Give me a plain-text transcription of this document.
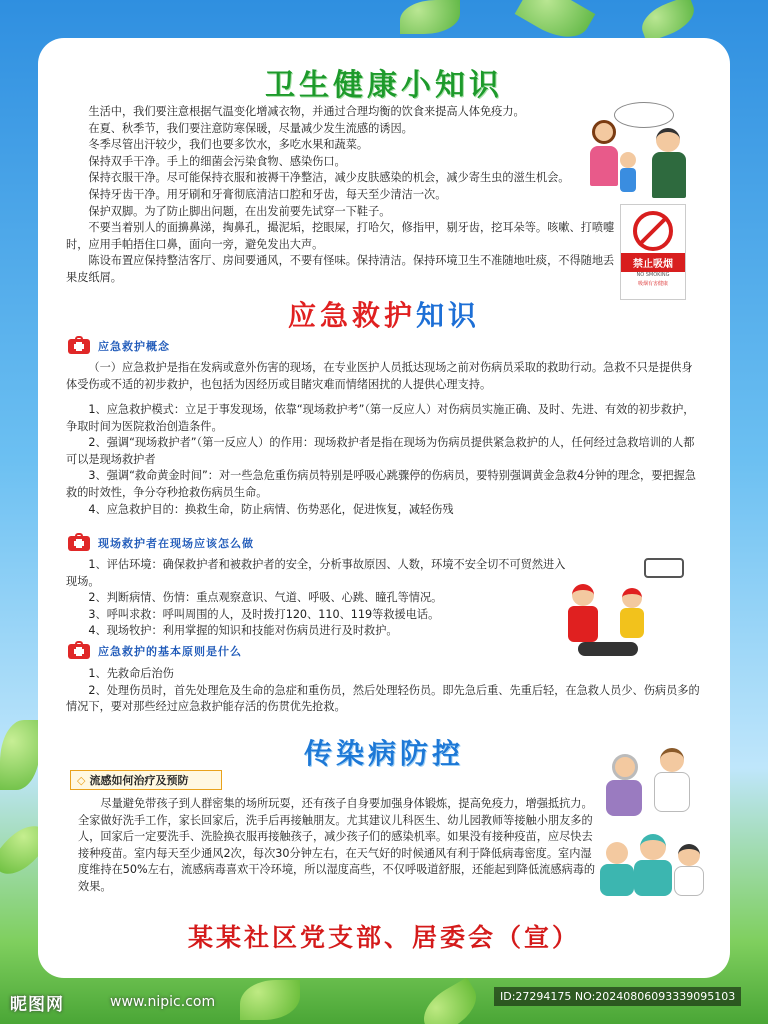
卫生健康小知识

生活中，我们要注意根据气温变化增减衣物，并通过合理均衡的饮食来提高人体免疫力。

在夏、秋季节，我们要注意防寒保暖，尽量减少发生流感的诱因。

冬季尽管出汗较少，我们也要多饮水，多吃水果和蔬菜。

保持双手干净。手上的细菌会污染食物、感染伤口。

保持衣服干净。尽可能保持衣服和被褥干净整洁，减少皮肤感染的机会，减少寄生虫的滋生机会。

保持牙齿干净。用牙刷和牙膏彻底清洁口腔和牙齿，每天至少清洁一次。

保护双脚。为了防止脚出问题，在出发前要先试穿一下鞋子。

不要当着别人的面擤鼻涕，掏鼻孔，撮泥垢，挖眼屎，打哈欠，修指甲，剔牙齿，挖耳朵等。咳嗽、打喷嚏时，应用手帕捂住口鼻，面向一旁，避免发出大声。

陈设布置应保持整洁客厅、房间要通风，不要有怪味。保持清洁。保持环境卫生不准随地吐痰，不得随地丢果皮纸屑。

禁止吸烟
NO SMOKING
吸烟有害健康
应急救护知识
应急救护概念

（一）应急救护是指在发病或意外伤害的现场，在专业医护人员抵达现场之前对伤病员采取的救助行动。急救不只是提供身体受伤或不适的初步救护，也包括为因经历或目睹灾难而情绪困扰的人提供心理支持。

1、应急救护模式：立足于事发现场，依靠“现场救护考”（第一反应人）对伤病员实施正确、及时、先进、有效的初步救护，争取时间为医院救治创造条件。

2、强调“现场救护者”（第一反应人）的作用：现场救护者是指在现场为伤病员提供紧急救护的人，任何经过急救培训的人都可以是现场救护者

3、强调“救命黄金时间”：对一些急危重伤病员特别是呼吸心跳骤停的伤病员，要特别强调黄金急救4分钟的理念，要把握急救的时效性，争分夺秒抢救伤病员生命。

4、应急救护目的：换救生命，防止病情、伤势恶化，促进恢复，减轻伤残

现场救护者在现场应该怎么做

1、评估环境：确保救护者和被救护者的安全，分析事故原因、人数，环境不安全切不可贸然进入现场。

2、判断病情、伤情：重点观察意识、气道、呼吸、心跳、瞳孔等情况。

3、呼叫求救：呼叫周围的人，及时拨打120、110、119等救援电话。

4、现场牧护：利用掌握的知识和技能对伤病员进行及时救护。

应急救护的基本原则是什么

1、先救命后治伤

2、处理伤员时，首先处理危及生命的急症和重伤员，然后处理轻伤员。即先急后重、先重后轻，在急救人员少、伤病员多的情况下，要对那些经过应急救护能存活的伤贯优先抢救。

传染病防控
◇ 流感如何治疗及预防

尽量避免带孩子到人群密集的场所玩耍，还有孩子自身要加强身体锻炼，提高免疫力，增强抵抗力。全家做好洗手工作，家长回家后，洗手后再接触朋友。尤其建议儿科医生、幼儿园教师等接触小朋友多的人，回家后一定要洗手、洗脸换衣服再接触孩子，减少孩子们的感染机率。如果没有接种疫苗，应尽快去接种疫苗。室内每天至少通风2次，每次30分钟左右，在天气好的时候通风有利于降低病毒密度。室内湿度维持在50%左右，流感病毒喜欢干冷环境，所以湿度高些，不仅呼吸道舒服，还能起到降低流感病毒的效果。

某某社区党支部、居委会（宣）
昵图网	www.nipic.com	ID:27294175 NO:20240806093339095103
